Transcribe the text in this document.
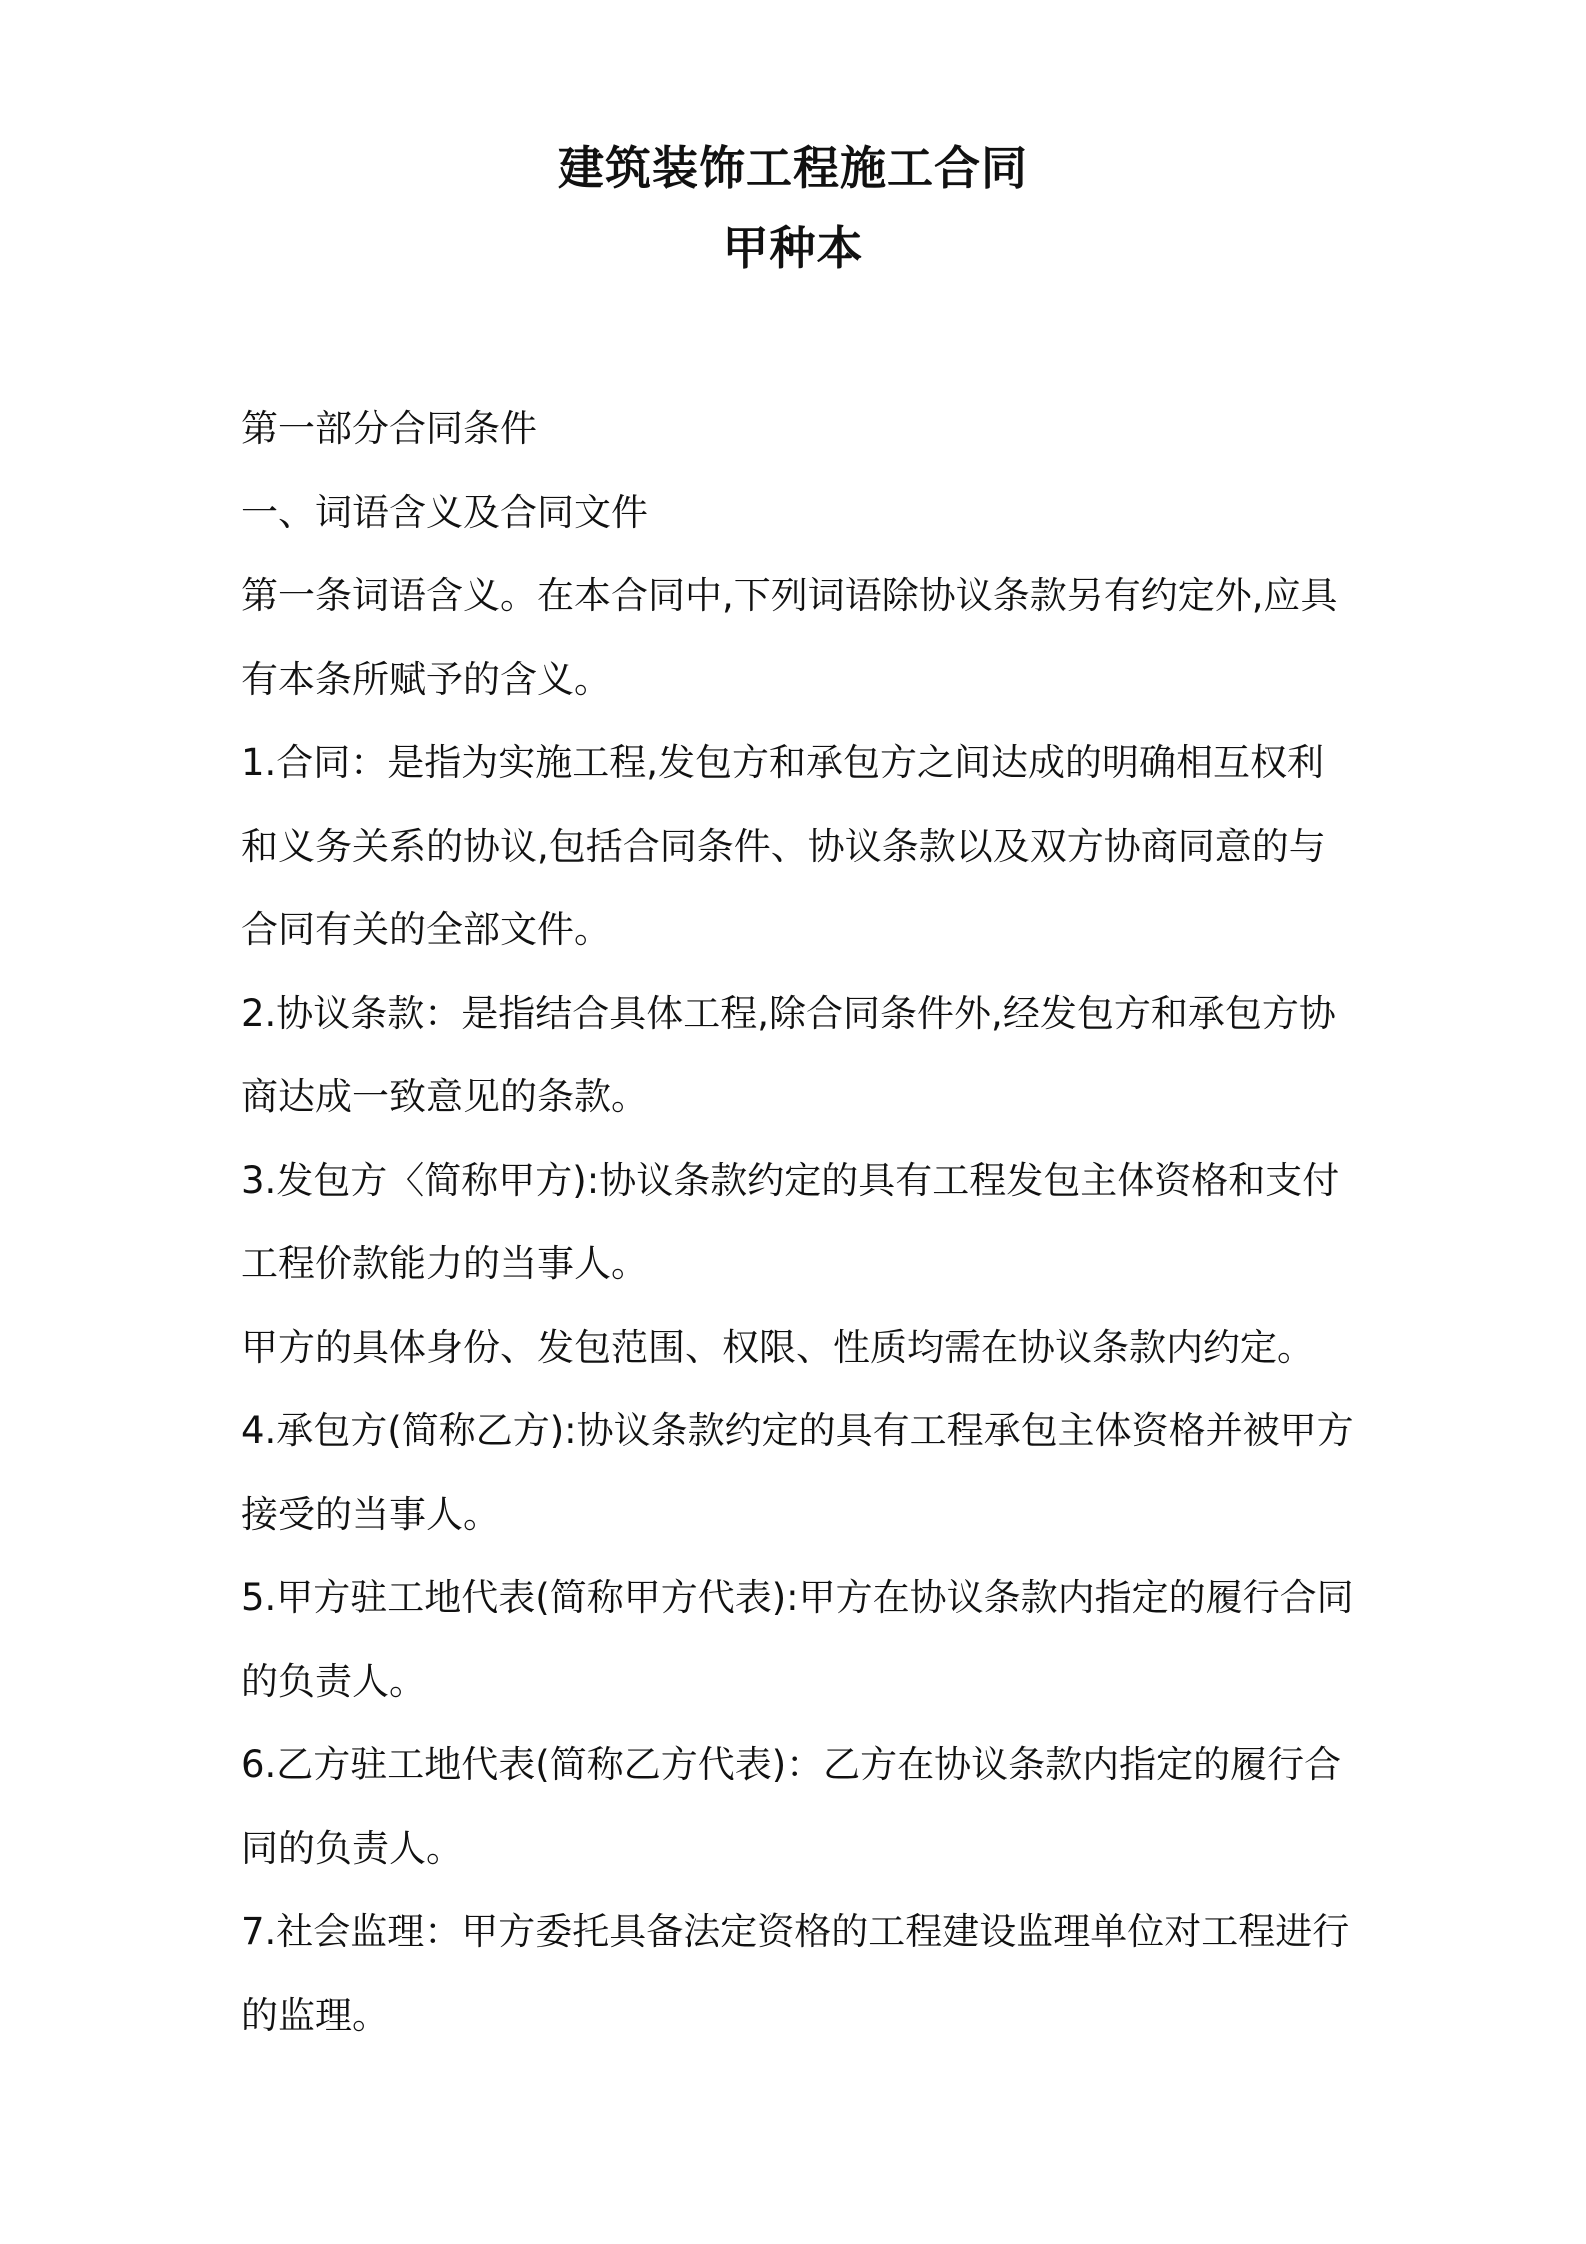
建筑装饰工程施工合同
甲种本

第一部分合同条件

一、词语含义及合同文件

第一条词语含义。在本合同中,下列词语除协议条款另有约定外,应具有本条所赋予的含义。

1.合同：是指为实施工程,发包方和承包方之间达成的明确相互权利和义务关系的协议,包括合同条件、协议条款以及双方协商同意的与合同有关的全部文件。

2.协议条款：是指结合具体工程,除合同条件外,经发包方和承包方协商达成一致意见的条款。

3.发包方〈简称甲方):协议条款约定的具有工程发包主体资格和支付工程价款能力的当事人。

甲方的具体身份、发包范围、权限、性质均需在协议条款内约定。

4.承包方(简称乙方):协议条款约定的具有工程承包主体资格并被甲方接受的当事人。

5.甲方驻工地代表(简称甲方代表):甲方在协议条款内指定的履行合同的负责人。

6.乙方驻工地代表(简称乙方代表)：乙方在协议条款内指定的履行合同的负责人。

7.社会监理：甲方委托具备法定资格的工程建设监理单位对工程进行的监理。
